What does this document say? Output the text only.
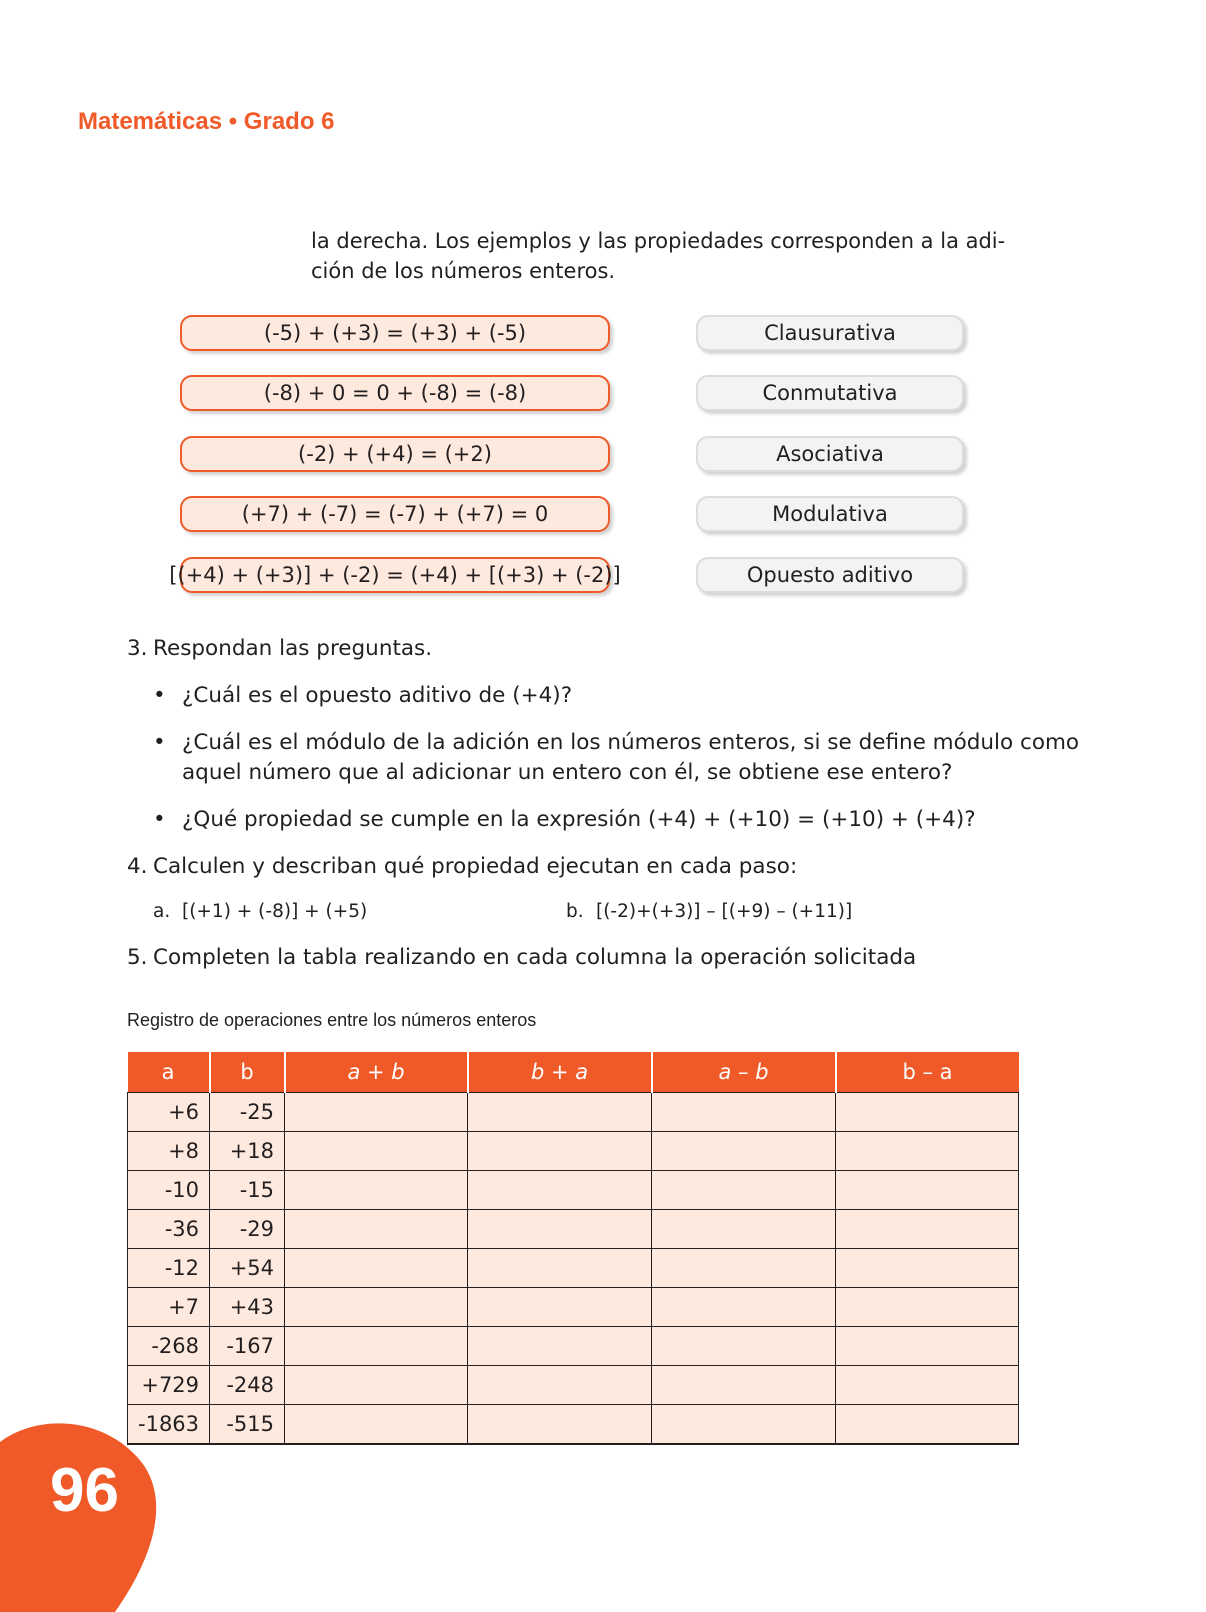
Matemáticas • Grado 6
la derecha. Los ejemplos y las propiedades corresponden a la adi-
ción de los números enteros.
(-5) + (+3) = (+3) + (-5)
(-8) + 0 = 0 + (-8) = (-8)
(-2) + (+4) = (+2)
(+7) + (-7) = (-7) + (+7) = 0
[(+4) + (+3)] + (-2) = (+4) + [(+3) + (-2)]
Clausurativa
Conmutativa
Asociativa
Modulativa
Opuesto aditivo
3. Respondan las preguntas.
• ¿Cuál es el opuesto aditivo de (+4)?
• ¿Cuál es el módulo de la adición en los números enteros, si se define módulo como
aquel número que al adicionar un entero con él, se obtiene ese entero?
• ¿Qué propiedad se cumple en la expresión (+4) + (+10) = (+10) + (+4)?
4. Calculen y describan qué propiedad ejecutan en cada paso:
a. [(+1) + (-8)] + (+5)	b. [(-2)+(+3)] – [(+9) – (+11)]
5. Completen la tabla realizando en cada columna la operación solicitada
Registro de operaciones entre los números enteros
a	b	a + b	b + a	a – b	b – a
+6	-25				
+8	+18				
-10	-15				
-36	-29				
-12	+54				
+7	+43				
-268	-167				
+729	-248				
-1863	-515				
96
